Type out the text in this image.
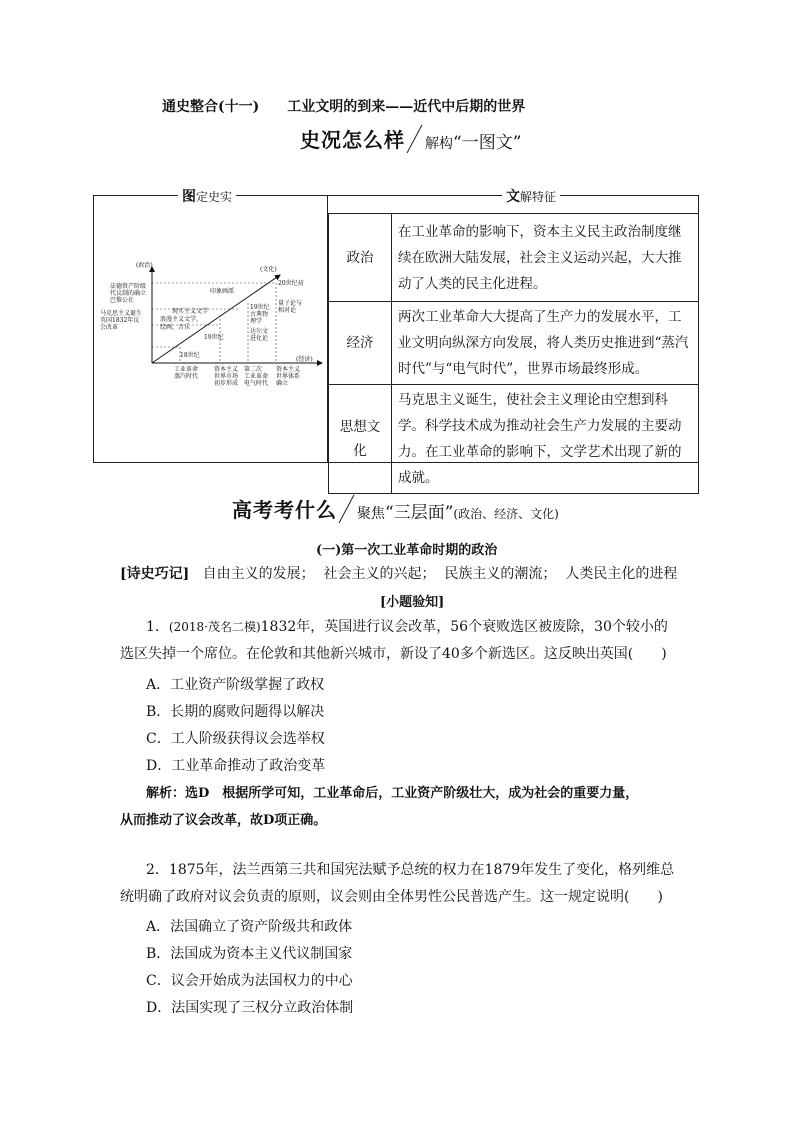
通史整合(十一)　　工业文明的到来——近代中后期的世界
史况怎么样 解构“一图文”
图定史实	文解特征
(政治)
(文化)
(经济)
法德资产阶级
代议制的确立
巴黎公社
马克思主义诞生
英国1832年议
会改革
印象画派
现实主义文学
浪漫主义文学、
绘画、音乐
19世纪
18世纪
19世纪
古典物
理学
达尔文
进化论
20世纪初
量子论与
相对论
工业革命
蒸汽时代
资本主义
世界市场
初步形成
第二次
工业革命
电气时代
资本主义
世界体系
确立
政治	在工业革命的影响下，资本主义民主政治制度继续在欧洲大陆发展，社会主义运动兴起，大大推动了人类的民主化进程。
经济	两次工业革命大大提高了生产力的发展水平，工业文明向纵深方向发展，将人类历史推进到“蒸汽时代”与“电气时代”，世界市场最终形成。
思想文化	马克思主义诞生，使社会主义理论由空想到科学。科学技术成为推动社会生产力发展的主要动力。在工业革命的影响下，文学艺术出现了新的成就。
高考考什么 聚焦“三层面”(政治、经济、文化)
(一)第一次工业革命时期的政治
[诗史巧记] 自由主义的发展； 社会主义的兴起； 民族主义的潮流； 人类民主化的进程
[小题验知]
1．(2018·茂名二模)1832年，英国进行议会改革，56个衰败选区被废除，30个较小的
选区失掉一个席位。在伦敦和其他新兴城市，新设了40多个新选区。这反映出英国(　　)
A．工业资产阶级掌握了政权
B．长期的腐败问题得以解决
C．工人阶级获得议会选举权
D．工业革命推动了政治变革
解析：选D　根据所学可知，工业革命后，工业资产阶级壮大，成为社会的重要力量，
从而推动了议会改革，故D项正确。
2．1875年，法兰西第三共和国宪法赋予总统的权力在1879年发生了变化，格列维总
统明确了政府对议会负责的原则，议会则由全体男性公民普选产生。这一规定说明(　　)
A．法国确立了资产阶级共和政体
B．法国成为资本主义代议制国家
C．议会开始成为法国权力的中心
D．法国实现了三权分立政治体制
